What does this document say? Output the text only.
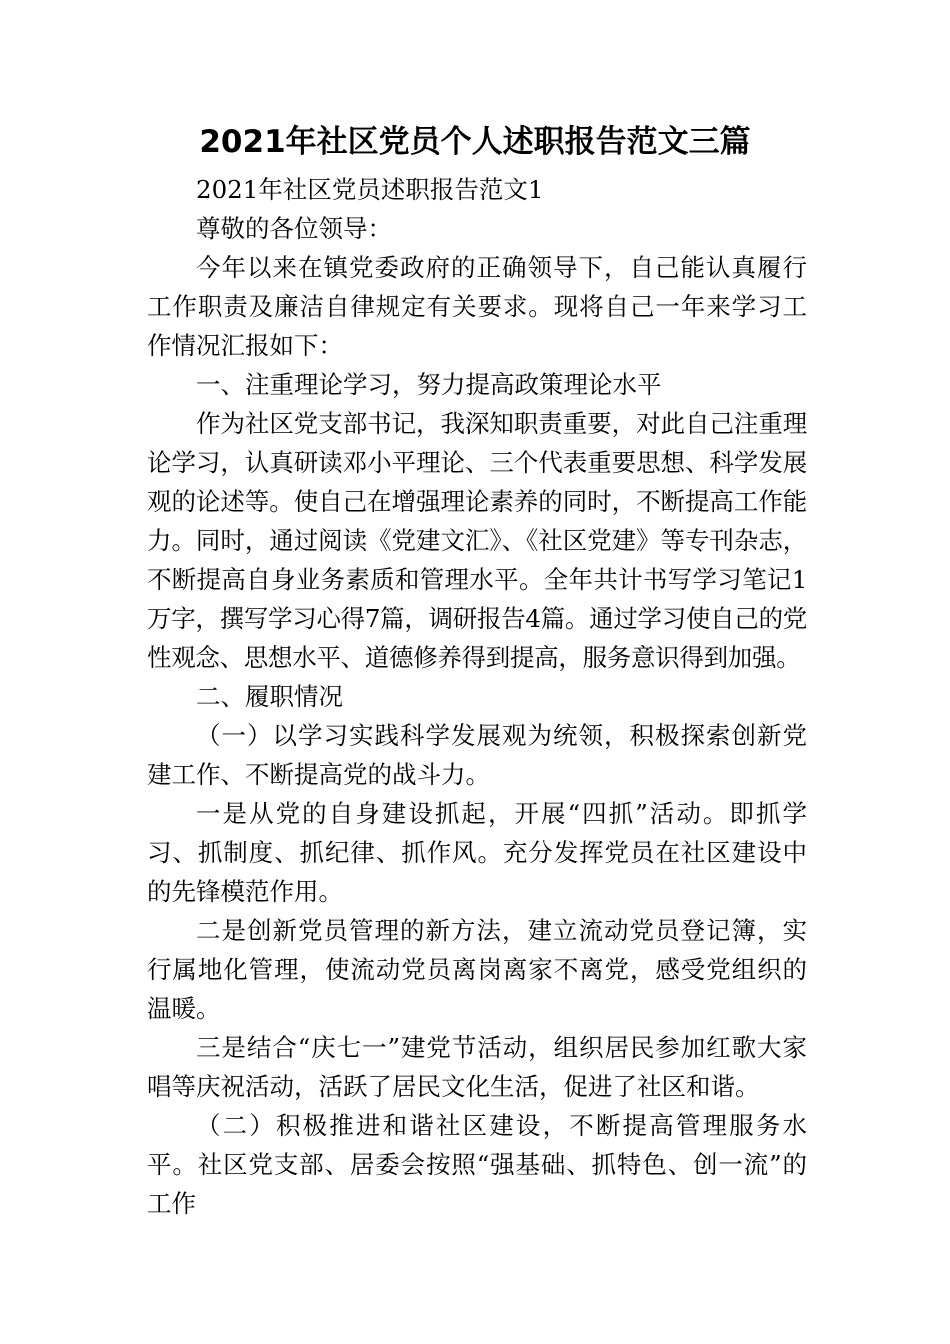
2021年社区党员个人述职报告范文三篇

2021年社区党员述职报告范文1

尊敬的各位领导：

今年以来在镇党委政府的正确领导下，自己能认真履行工作职责及廉洁自律规定有关要求。现将自己一年来学习工作情况汇报如下：

一、注重理论学习，努力提高政策理论水平

作为社区党支部书记，我深知职责重要，对此自己注重理论学习，认真研读邓小平理论、三个代表重要思想、科学发展观的论述等。使自己在增强理论素养的同时，不断提高工作能力。同时，通过阅读《党建文汇》、《社区党建》等专刊杂志，不断提高自身业务素质和管理水平。全年共计书写学习笔记1万字，撰写学习心得7篇，调研报告4篇。通过学习使自己的党性观念、思想水平、道德修养得到提高，服务意识得到加强。

二、履职情况

（一）以学习实践科学发展观为统领，积极探索创新党建工作、不断提高党的战斗力。

一是从党的自身建设抓起，开展“四抓”活动。即抓学习、抓制度、抓纪律、抓作风。充分发挥党员在社区建设中的先锋模范作用。

二是创新党员管理的新方法，建立流动党员登记簿，实行属地化管理，使流动党员离岗离家不离党，感受党组织的温暖。

三是结合“庆七一”建党节活动，组织居民参加红歌大家唱等庆祝活动，活跃了居民文化生活，促进了社区和谐。

（二）积极推进和谐社区建设，不断提高管理服务水平。社区党支部、居委会按照“强基础、抓特色、创一流”的工作
